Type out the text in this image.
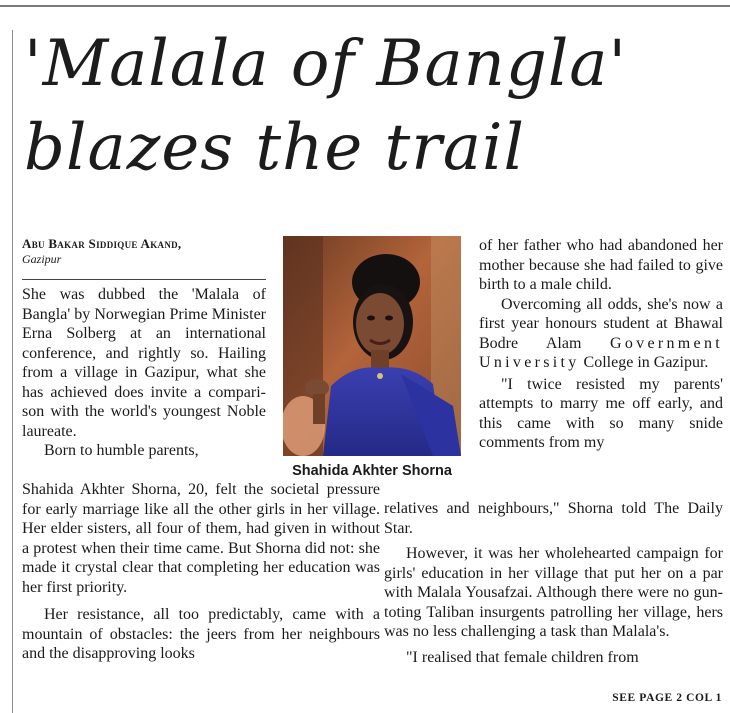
'Malala of Bangla'
blazes the trail
Abu Bakar Siddique Akand,
Gazipur

She was dubbed the 'Malala of Bangla' by Norwegian Prime Minister Erna Solberg at an international conference, and rightly so. Hailing from a village in Gazipur, what she has achieved does invite a comparison with the world's youngest Noble laureate.

Born to humble parents,

Shahida Akhter Shorna, 20, felt the societal pressure for early marriage like all the other girls in her village. Her elder sisters, all four of them, had given in without a protest when their time came. But Shorna did not: she made it crystal clear that completing her education was her first priority.

Her resistance, all too predictably, came with a mountain of obstacles: the jeers from her neighbours and the disapproving looks

Shahida Akhter Shorna

of her father who had abandoned her mother because she had failed to give birth to a male child.

Overcoming all odds, she's now a first year honours student at Bhawal Bodre Alam Government University College in Gazipur.

"I twice resisted my parents' attempts to marry me off early, and this came with so many snide comments from my

relatives and neighbours," Shorna told The Daily Star.

However, it was her wholehearted campaign for girls' education in her village that put her on a par with Malala Yousafzai. Although there were no gun-toting Taliban insurgents patrolling her village, hers was no less challenging a task than Malala's.

"I realised that female children from

SEE PAGE 2 COL 1
